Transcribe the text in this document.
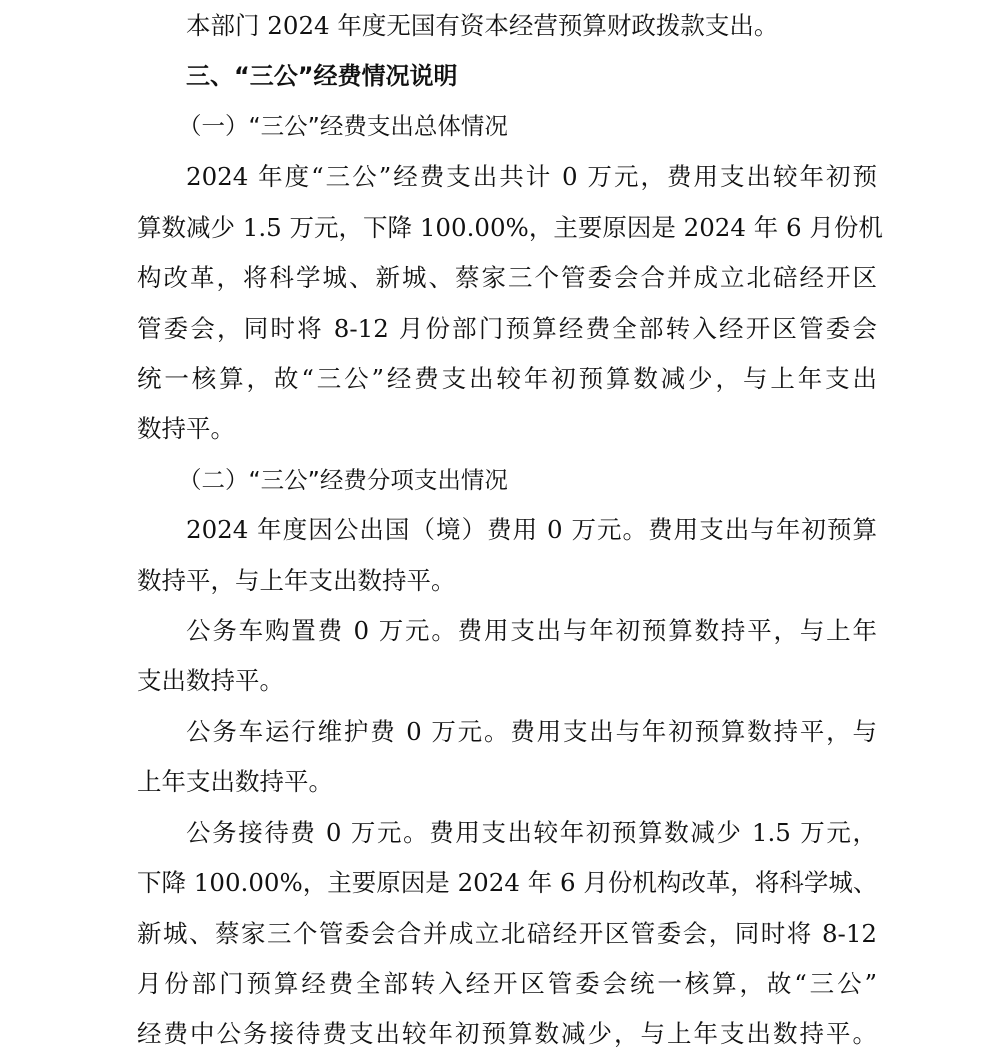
本部门 2024 年度无国有资本经营预算财政拨款支出。
三、“三公”经费情况说明
（一）“三公”经费支出总体情况
2024 年度“三公”经费支出共计 0 万元，费用支出较年初预
算数减少 1.5 万元，下降 100.00%，主要原因是 2024 年 6 月份机
构改革，将科学城、新城、蔡家三个管委会合并成立北碚经开区
管委会，同时将 8-12 月份部门预算经费全部转入经开区管委会
统一核算，故“三公”经费支出较年初预算数减少，与上年支出
数持平。
（二）“三公”经费分项支出情况
2024 年度因公出国（境）费用 0 万元。费用支出与年初预算
数持平，与上年支出数持平。
公务车购置费 0 万元。费用支出与年初预算数持平，与上年
支出数持平。
公务车运行维护费 0 万元。费用支出与年初预算数持平，与
上年支出数持平。
公务接待费 0 万元。费用支出较年初预算数减少 1.5 万元，
下降 100.00%，主要原因是 2024 年 6 月份机构改革，将科学城、
新城、蔡家三个管委会合并成立北碚经开区管委会，同时将 8-12
月份部门预算经费全部转入经开区管委会统一核算，故“三公”
经费中公务接待费支出较年初预算数减少，与上年支出数持平。
